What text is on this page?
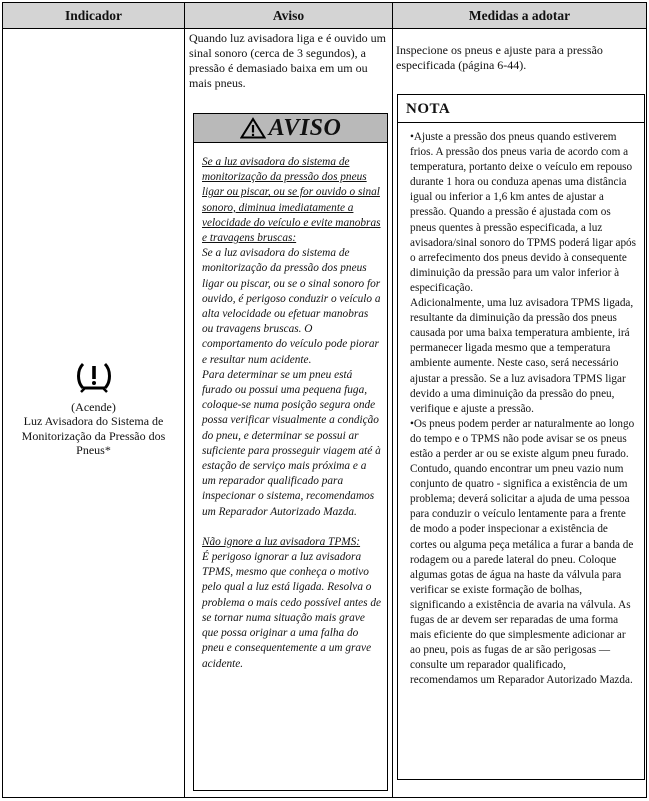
Indicador	Aviso	Medidas a adotar
(Acende)
Luz Avisadora do Sistema de
Monitorização da Pressão dos
Pneus*
Quando luz avisadora liga e é ouvido um sinal sonoro (cerca de 3 segundos), a pressão é demasiado baixa em um ou mais pneus.
AVISO

Se a luz avisadora do sistema de monitorização da pressão dos pneus ligar ou piscar, ou se for ouvido o sinal sonoro, diminua imediatamente a velocidade do veículo e evite manobras e travagens bruscas:

Se a luz avisadora do sistema de monitorização da pressão dos pneus ligar ou piscar, ou se o sinal sonoro for ouvido, é perigoso conduzir o veículo a alta velocidade ou efetuar manobras ou travagens bruscas. O comportamento do veículo pode piorar e resultar num acidente.

Para determinar se um pneu está furado ou possui uma pequena fuga, coloque-se numa posição segura onde possa verificar visualmente a condição do pneu, e determinar se possui ar suficiente para prosseguir viagem até à estação de serviço mais próxima e a um reparador qualificado para inspecionar o sistema, recomendamos um Reparador Autorizado Mazda.

Não ignore a luz avisadora TPMS:

É perigoso ignorar a luz avisadora TPMS, mesmo que conheça o motivo pelo qual a luz está ligada. Resolva o problema o mais cedo possível antes de se tornar numa situação mais grave que possa originar a uma falha do pneu e consequentemente a um grave acidente.

Inspecione os pneus e ajuste para a pressão especificada (página 6-44).
NOTA

•Ajuste a pressão dos pneus quando estiverem frios. A pressão dos pneus varia de acordo com a temperatura, portanto deixe o veículo em repouso durante 1 hora ou conduza apenas uma distância igual ou inferior a 1,6 km antes de ajustar a pressão. Quando a pressão é ajustada com os pneus quentes à pressão especificada, a luz avisadora/sinal sonoro do TPMS poderá ligar após o arrefecimento dos pneus devido à consequente diminuição da pressão para um valor inferior à especificação.

Adicionalmente, uma luz avisadora TPMS ligada, resultante da diminuição da pressão dos pneus causada por uma baixa temperatura ambiente, irá permanecer ligada mesmo que a temperatura ambiente aumente. Neste caso, será necessário ajustar a pressão. Se a luz avisadora TPMS ligar devido a uma diminuição da pressão do pneu, verifique e ajuste a pressão.

•Os pneus podem perder ar naturalmente ao longo do tempo e o TPMS não pode avisar se os pneus estão a perder ar ou se existe algum pneu furado. Contudo, quando encontrar um pneu vazio num conjunto de quatro - significa a existência de um problema; deverá solicitar a ajuda de uma pessoa para conduzir o veículo lentamente para a frente de modo a poder inspecionar a existência de cortes ou alguma peça metálica a furar a banda de rodagem ou a parede lateral do pneu. Coloque algumas gotas de água na haste da válvula para verificar se existe formação de bolhas, significando a existência de avaria na válvula. As fugas de ar devem ser reparadas de uma forma mais eficiente do que simplesmente adicionar ar ao pneu, pois as fugas de ar são perigosas — consulte um reparador qualificado, recomendamos um Reparador Autorizado Mazda.
